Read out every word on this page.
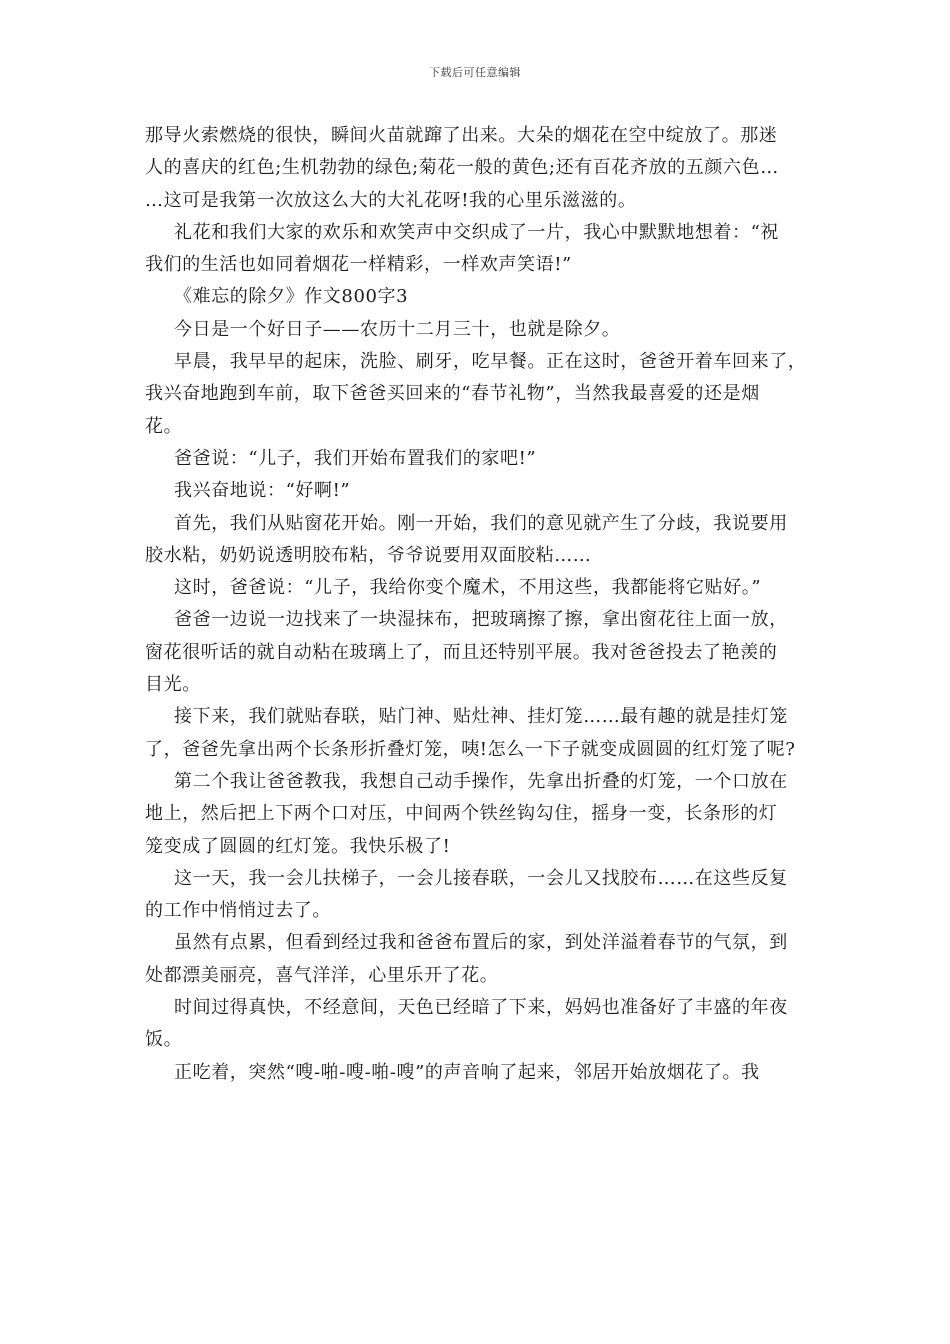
下载后可任意编辑
那导火索燃烧的很快，瞬间火苗就蹿了出来。大朵的烟花在空中绽放了。那迷
人的喜庆的红色;生机勃勃的绿色;菊花一般的黄色;还有百花齐放的五颜六色…
…这可是我第一次放这么大的大礼花呀!我的心里乐滋滋的。
礼花和我们大家的欢乐和欢笑声中交织成了一片，我心中默默地想着：“祝
我们的生活也如同着烟花一样精彩，一样欢声笑语!”
《难忘的除夕》作文800字3
今日是一个好日子——农历十二月三十，也就是除夕。
早晨，我早早的起床，洗脸、刷牙，吃早餐。正在这时，爸爸开着车回来了，
我兴奋地跑到车前，取下爸爸买回来的“春节礼物”，当然我最喜爱的还是烟
花。
爸爸说：“儿子，我们开始布置我们的家吧!”
我兴奋地说：“好啊!”
首先，我们从贴窗花开始。刚一开始，我们的意见就产生了分歧，我说要用
胶水粘，奶奶说透明胶布粘，爷爷说要用双面胶粘……
这时，爸爸说：“儿子，我给你变个魔术，不用这些，我都能将它贴好。”
爸爸一边说一边找来了一块湿抹布，把玻璃擦了擦，拿出窗花往上面一放，
窗花很听话的就自动粘在玻璃上了，而且还特别平展。我对爸爸投去了艳羡的
目光。
接下来，我们就贴春联，贴门神、贴灶神、挂灯笼……最有趣的就是挂灯笼
了，爸爸先拿出两个长条形折叠灯笼，咦!怎么一下子就变成圆圆的红灯笼了呢?
第二个我让爸爸教我，我想自己动手操作，先拿出折叠的灯笼，一个口放在
地上，然后把上下两个口对压，中间两个铁丝钩勾住，摇身一变，长条形的灯
笼变成了圆圆的红灯笼。我快乐极了!
这一天，我一会儿扶梯子，一会儿接春联，一会儿又找胶布……在这些反复
的工作中悄悄过去了。
虽然有点累，但看到经过我和爸爸布置后的家，到处洋溢着春节的气氛，到
处都漂美丽亮，喜气洋洋，心里乐开了花。
时间过得真快，不经意间，天色已经暗了下来，妈妈也准备好了丰盛的年夜
饭。
正吃着，突然“嗖-啪-嗖-啪-嗖”的声音响了起来，邻居开始放烟花了。我
